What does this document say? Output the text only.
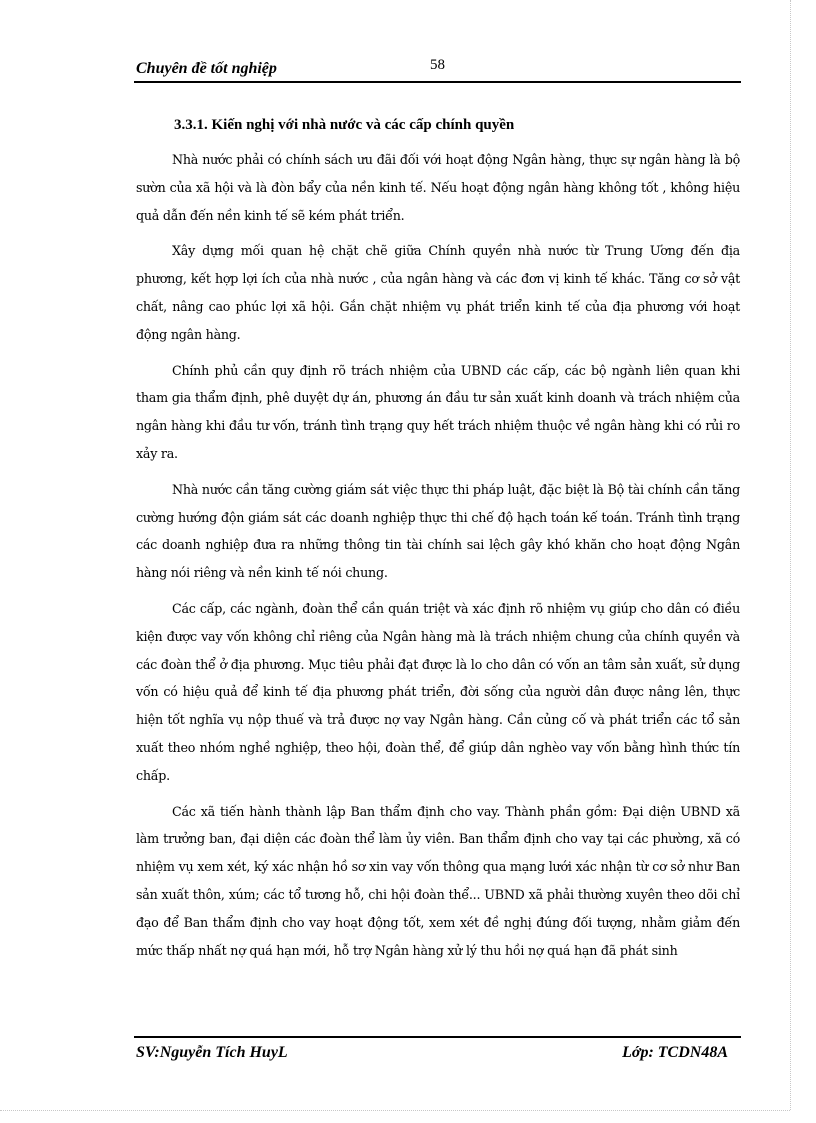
Chuyên đề tốt nghiệp	58
3.3.1. Kiến nghị với nhà nước và các cấp chính quyền

Nhà nước phải có chính sách ưu đãi đối với hoạt động Ngân hàng, thực sự ngân hàng là bộ sườn của xã hội và là đòn bẩy của nền kinh tế. Nếu hoạt động ngân hàng không tốt , không hiệu quả dẫn đến nền kinh tế sẽ kém phát triển.

Xây dựng mối quan hệ chặt chẽ giữa Chính quyền nhà nước từ Trung Ương đến địa phương, kết hợp lợi ích của nhà nước , của ngân hàng và các đơn vị kinh tế khác. Tăng cơ sở vật chất, nâng cao phúc lợi xã hội. Gắn chặt nhiệm vụ phát triển kinh tế của địa phương với hoạt động ngân hàng.

Chính phủ cần quy định rõ trách nhiệm của UBND các cấp, các bộ ngành liên quan khi tham gia thẩm định, phê duyệt dự án, phương án đầu tư sản xuất kinh doanh và trách nhiệm của ngân hàng khi đầu tư vốn, tránh tình trạng quy hết trách nhiệm thuộc về ngân hàng khi có rủi ro xảy ra.

Nhà nước cần tăng cường giám sát việc thực thi pháp luật, đặc biệt là Bộ tài chính cần tăng cường hướng độn giám sát các doanh nghiệp thực thi chế độ hạch toán kế toán. Tránh tình trạng các doanh nghiệp đưa ra những thông tin tài chính sai lệch gây khó khăn cho hoạt động Ngân hàng nói riêng và nền kinh tế nói chung.

Các cấp, các ngành, đoàn thể cần quán triệt và xác định rõ nhiệm vụ giúp cho dân có điều kiện được vay vốn không chỉ riêng của Ngân hàng mà là trách nhiệm chung của chính quyền và các đoàn thể ở địa phương. Mục tiêu phải đạt được là lo cho dân có vốn an tâm sản xuất, sử dụng vốn có hiệu quả để kinh tế địa phương phát triển, đời sống của người dân được nâng lên, thực hiện tốt nghĩa vụ nộp thuế và trả được nợ vay Ngân hàng. Cần củng cố và phát triển các tổ sản xuất theo nhóm nghề nghiệp, theo hội, đoàn thể, để giúp dân nghèo vay vốn bằng hình thức tín chấp.

Các xã tiến hành thành lập Ban thẩm định cho vay. Thành phần gồm: Đại diện UBND xã làm trưởng ban, đại diện các đoàn thể làm ủy viên. Ban thẩm định cho vay tại các phường, xã có nhiệm vụ xem xét, ký xác nhận hồ sơ xin vay vốn thông qua mạng lưới xác nhận từ cơ sở như Ban sản xuất thôn, xúm; các tổ tương hỗ, chi hội đoàn thể... UBND xã phải thường xuyên theo dõi chỉ đạo để Ban thẩm định cho vay hoạt động tốt, xem xét đề nghị đúng đối tượng, nhằm giảm đến mức thấp nhất nợ quá hạn mới, hỗ trợ Ngân hàng xử lý thu hồi nợ quá hạn đã phát sinh

SV:Nguyễn Tích HuyL	Lớp: TCDN48A
